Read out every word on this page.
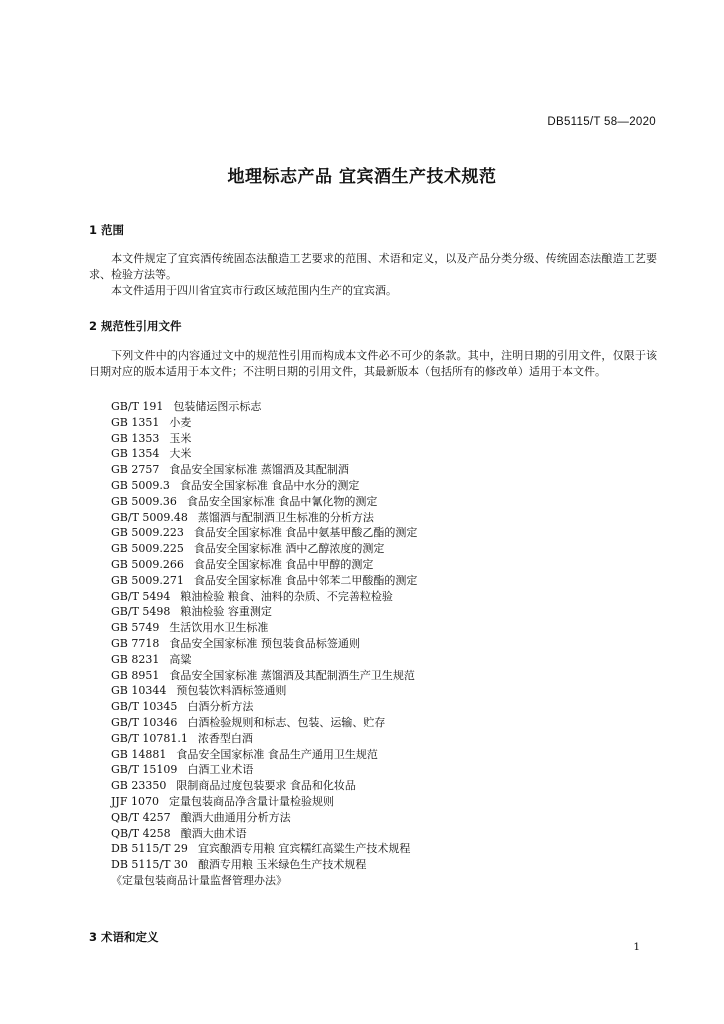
DB5115/T 58—2020
地理标志产品 宜宾酒生产技术规范
1 范围
本文件规定了宜宾酒传统固态法酿造工艺要求的范围、术语和定义，以及产品分类分级、传统固态法酿造工艺要求、检验方法等。
本文件适用于四川省宜宾市行政区域范围内生产的宜宾酒。
2 规范性引用文件
下列文件中的内容通过文中的规范性引用而构成本文件必不可少的条款。其中，注明日期的引用文件，仅限于该日期对应的版本适用于本文件；不注明日期的引用文件，其最新版本（包括所有的修改单）适用于本文件。
GB/T 191 包装储运图示标志
GB 1351 小麦
GB 1353 玉米
GB 1354 大米
GB 2757 食品安全国家标准 蒸馏酒及其配制酒
GB 5009.3 食品安全国家标准 食品中水分的测定
GB 5009.36 食品安全国家标准 食品中氰化物的测定
GB/T 5009.48 蒸馏酒与配制酒卫生标准的分析方法
GB 5009.223 食品安全国家标准 食品中氨基甲酸乙酯的测定
GB 5009.225 食品安全国家标准 酒中乙醇浓度的测定
GB 5009.266 食品安全国家标准 食品中甲醇的测定
GB 5009.271 食品安全国家标准 食品中邻苯二甲酸酯的测定
GB/T 5494 粮油检验 粮食、油料的杂质、不完善粒检验
GB/T 5498 粮油检验 容重测定
GB 5749 生活饮用水卫生标准
GB 7718 食品安全国家标准 预包装食品标签通则
GB 8231 高粱
GB 8951 食品安全国家标准 蒸馏酒及其配制酒生产卫生规范
GB 10344 预包装饮料酒标签通则
GB/T 10345 白酒分析方法
GB/T 10346 白酒检验规则和标志、包装、运输、贮存
GB/T 10781.1 浓香型白酒
GB 14881 食品安全国家标准 食品生产通用卫生规范
GB/T 15109 白酒工业术语
GB 23350 限制商品过度包装要求 食品和化妆品
JJF 1070 定量包装商品净含量计量检验规则
QB/T 4257 酿酒大曲通用分析方法
QB/T 4258 酿酒大曲术语
DB 5115/T 29 宜宾酿酒专用粮 宜宾糯红高粱生产技术规程
DB 5115/T 30 酿酒专用粮 玉米绿色生产技术规程
《定量包装商品计量监督管理办法》
3 术语和定义
1
